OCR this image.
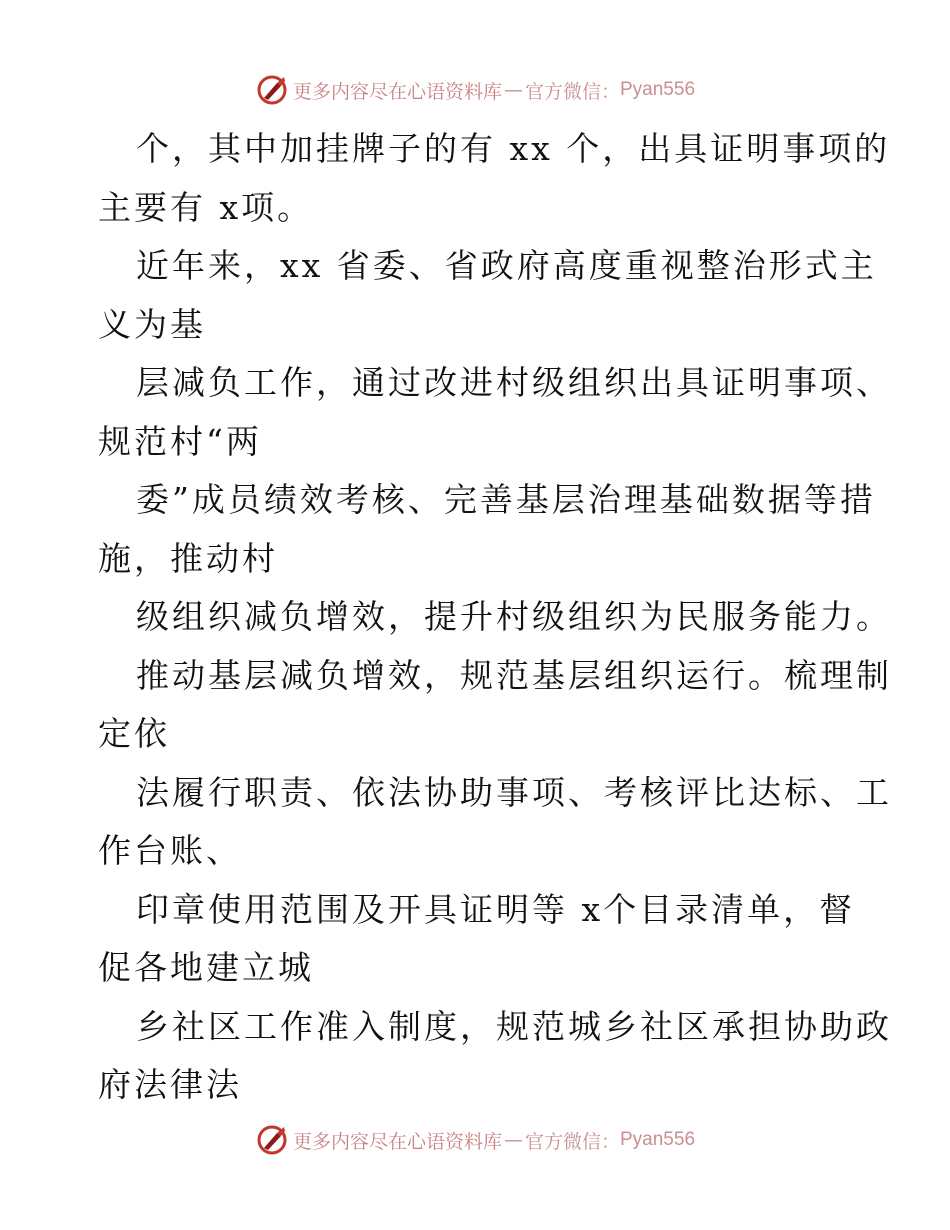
更多内容尽在心语资料库 — 官方微信： Pyan556
个，其中加挂牌子的有 xx 个，出具证明事项的
主要有 x项。
近年来，xx 省委、省政府高度重视整治形式主
义为基
层减负工作，通过改进村级组织出具证明事项、
规范村“两
委”成员绩效考核、完善基层治理基础数据等措
施，推动村
级组织减负增效，提升村级组织为民服务能力。
推动基层减负增效，规范基层组织运行。梳理制
定依
法履行职责、依法协助事项、考核评比达标、工
作台账、
印章使用范围及开具证明等 x个目录清单，督
促各地建立城
乡社区工作准入制度，规范城乡社区承担协助政
府法律法
更多内容尽在心语资料库 — 官方微信： Pyan556
